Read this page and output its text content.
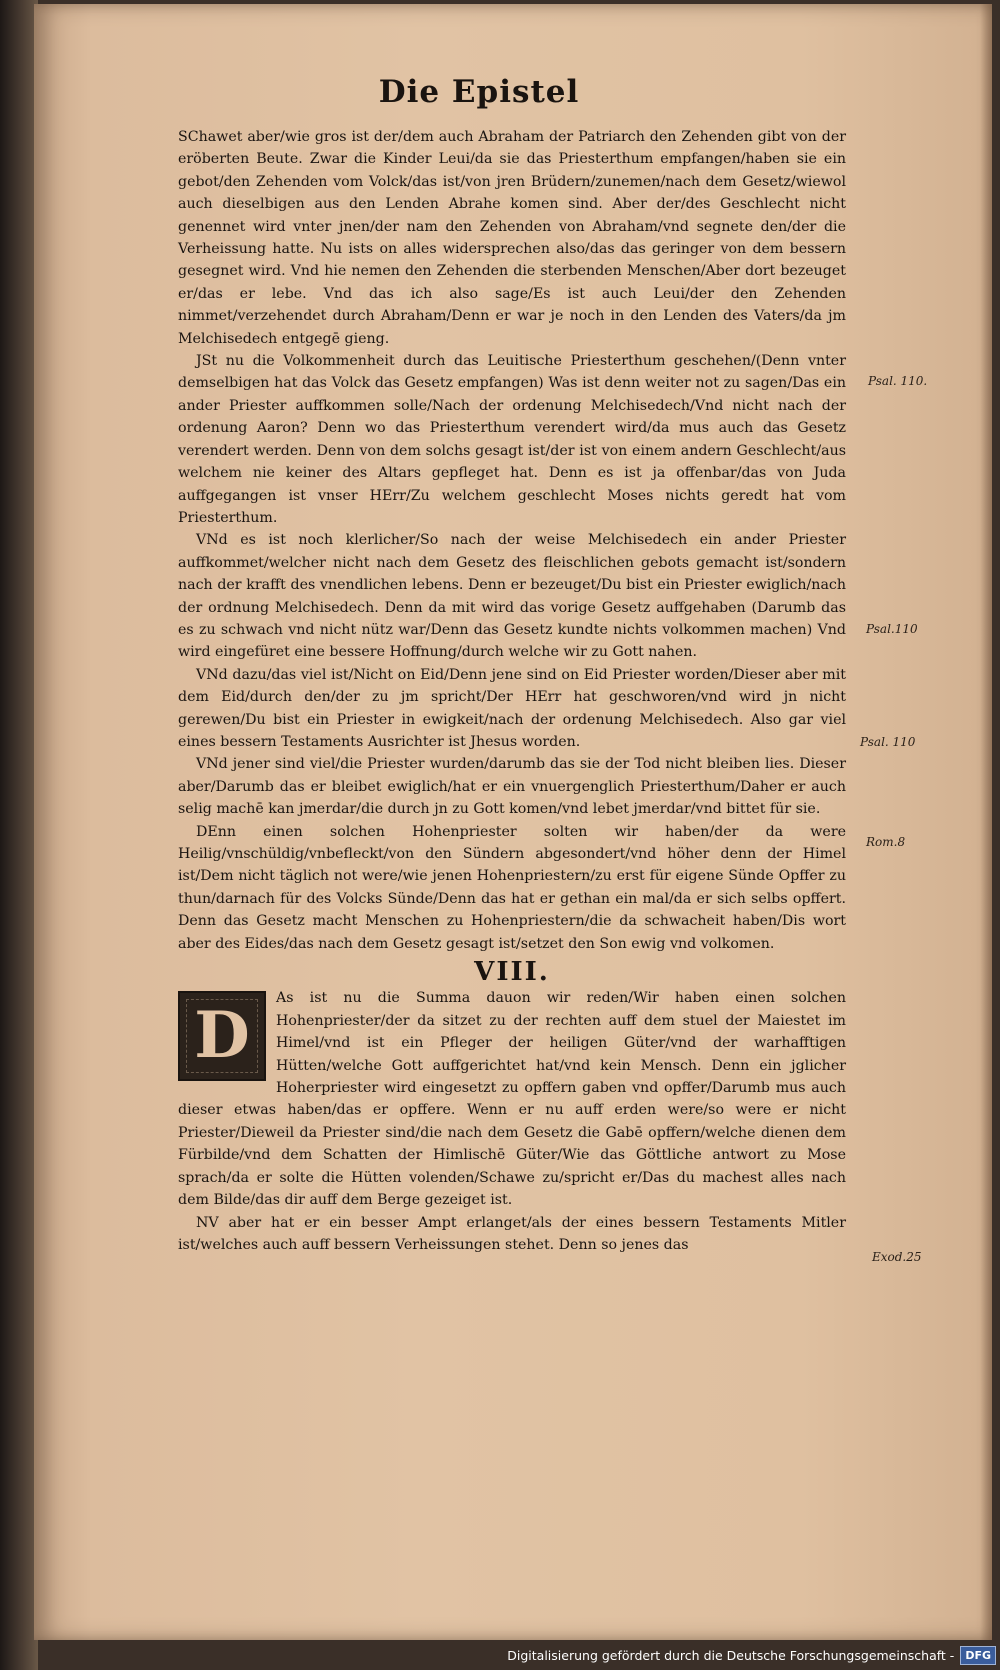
Die Epistel

SChawet aber/wie gros ist der/dem auch Abraham der Patriarch den Zehenden gibt von der eröberten Beute. Zwar die Kinder Leui/da sie das Priesterthum empfangen/haben sie ein gebot/den Zehenden vom Volck/das ist/von jren Brüdern/zunemen/nach dem Gesetz/wiewol auch dieselbigen aus den Lenden Abrahe komen sind. Aber der/des Geschlecht nicht genennet wird vnter jnen/der nam den Zehenden von Abraham/vnd segnete den/der die Verheissung hatte. Nu ists on alles widersprechen also/das das geringer von dem bessern gesegnet wird. Vnd hie nemen den Zehenden die sterbenden Menschen/Aber dort bezeuget er/das er lebe. Vnd das ich also sage/Es ist auch Leui/der den Zehenden nimmet/verzehendet durch Abraham/Denn er war je noch in den Lenden des Vaters/da jm Melchisedech entgegē gieng.

JSt nu die Volkommenheit durch das Leuitische Priesterthum geschehen/(Denn vnter demselbigen hat das Volck das Gesetz empfangen) Was ist denn weiter not zu sagen/Das ein ander Priester auffkommen solle/Nach der ordenung Melchisedech/Vnd nicht nach der ordenung Aaron? Denn wo das Priesterthum verendert wird/da mus auch das Gesetz verendert werden. Denn von dem solchs gesagt ist/der ist von einem andern Geschlecht/aus welchem nie keiner des Altars gepfleget hat. Denn es ist ja offenbar/das von Juda auffgegangen ist vnser HErr/Zu welchem geschlecht Moses nichts geredt hat vom Priesterthum.

VNd es ist noch klerlicher/So nach der weise Melchisedech ein ander Priester auffkommet/welcher nicht nach dem Gesetz des fleischlichen gebots gemacht ist/sondern nach der krafft des vnendlichen lebens. Denn er bezeuget/Du bist ein Priester ewiglich/nach der ordnung Melchisedech. Denn da mit wird das vorige Gesetz auffgehaben (Darumb das es zu schwach vnd nicht nütz war/Denn das Gesetz kundte nichts volkommen machen) Vnd wird eingefüret eine bessere Hoffnung/durch welche wir zu Gott nahen.

VNd dazu/das viel ist/Nicht on Eid/Denn jene sind on Eid Priester worden/Dieser aber mit dem Eid/durch den/der zu jm spricht/Der HErr hat geschworen/vnd wird jn nicht gerewen/Du bist ein Priester in ewigkeit/nach der ordenung Melchisedech. Also gar viel eines bessern Testaments Ausrichter ist Jhesus worden.

VNd jener sind viel/die Priester wurden/darumb das sie der Tod nicht bleiben lies. Dieser aber/Darumb das er bleibet ewiglich/hat er ein vnuergenglich Priesterthum/Daher er auch selig machē kan jmerdar/die durch jn zu Gott komen/vnd lebet jmerdar/vnd bittet für sie.

DEnn einen solchen Hohenpriester solten wir haben/der da were Heilig/vnschüldig/vnbefleckt/von den Sündern abgesondert/vnd höher denn der Himel ist/Dem nicht täglich not were/wie jenen Hohenpriestern/zu erst für eigene Sünde Opffer zu thun/darnach für des Volcks Sünde/Denn das hat er gethan ein mal/da er sich selbs opffert. Denn das Gesetz macht Menschen zu Hohenpriestern/die da schwacheit haben/Dis wort aber des Eides/das nach dem Gesetz gesagt ist/setzet den Son ewig vnd volkomen.

VIII.
D	As ist nu die Summa dauon wir reden/Wir haben einen solchen Hohenpriester/der da sitzet zu der rechten auff dem stuel der Maiestet im Himel/vnd ist ein Pfleger der heiligen Güter/vnd der warhafftigen Hütten/welche Gott auffgerichtet hat/vnd kein Mensch. Denn ein jglicher Hoherpriester wird eingesetzt zu opffern gaben vnd opffer/Darumb mus auch dieser etwas haben/das er opffere. Wenn er nu auff erden were/so were er nicht Priester/Dieweil da Priester sind/die nach dem Gesetz die Gabē opffern/welche dienen dem Fürbilde/vnd dem Schatten der Himlischē Güter/Wie das Göttliche antwort zu Mose sprach/da er solte die Hütten volenden/Schawe zu/spricht er/Das du machest alles nach dem Bilde/das dir auff dem Berge gezeiget ist.

NV aber hat er ein besser Ampt erlanget/als der eines bessern Testaments Mitler ist/welches auch auff bessern Verheissungen stehet. Denn so jenes das

Psal. 110.
Psal.110
Psal. 110
Rom.8
Exod.25
Digitalisierung gefördert durch die Deutsche Forschungsgemeinschaft -	DFG
